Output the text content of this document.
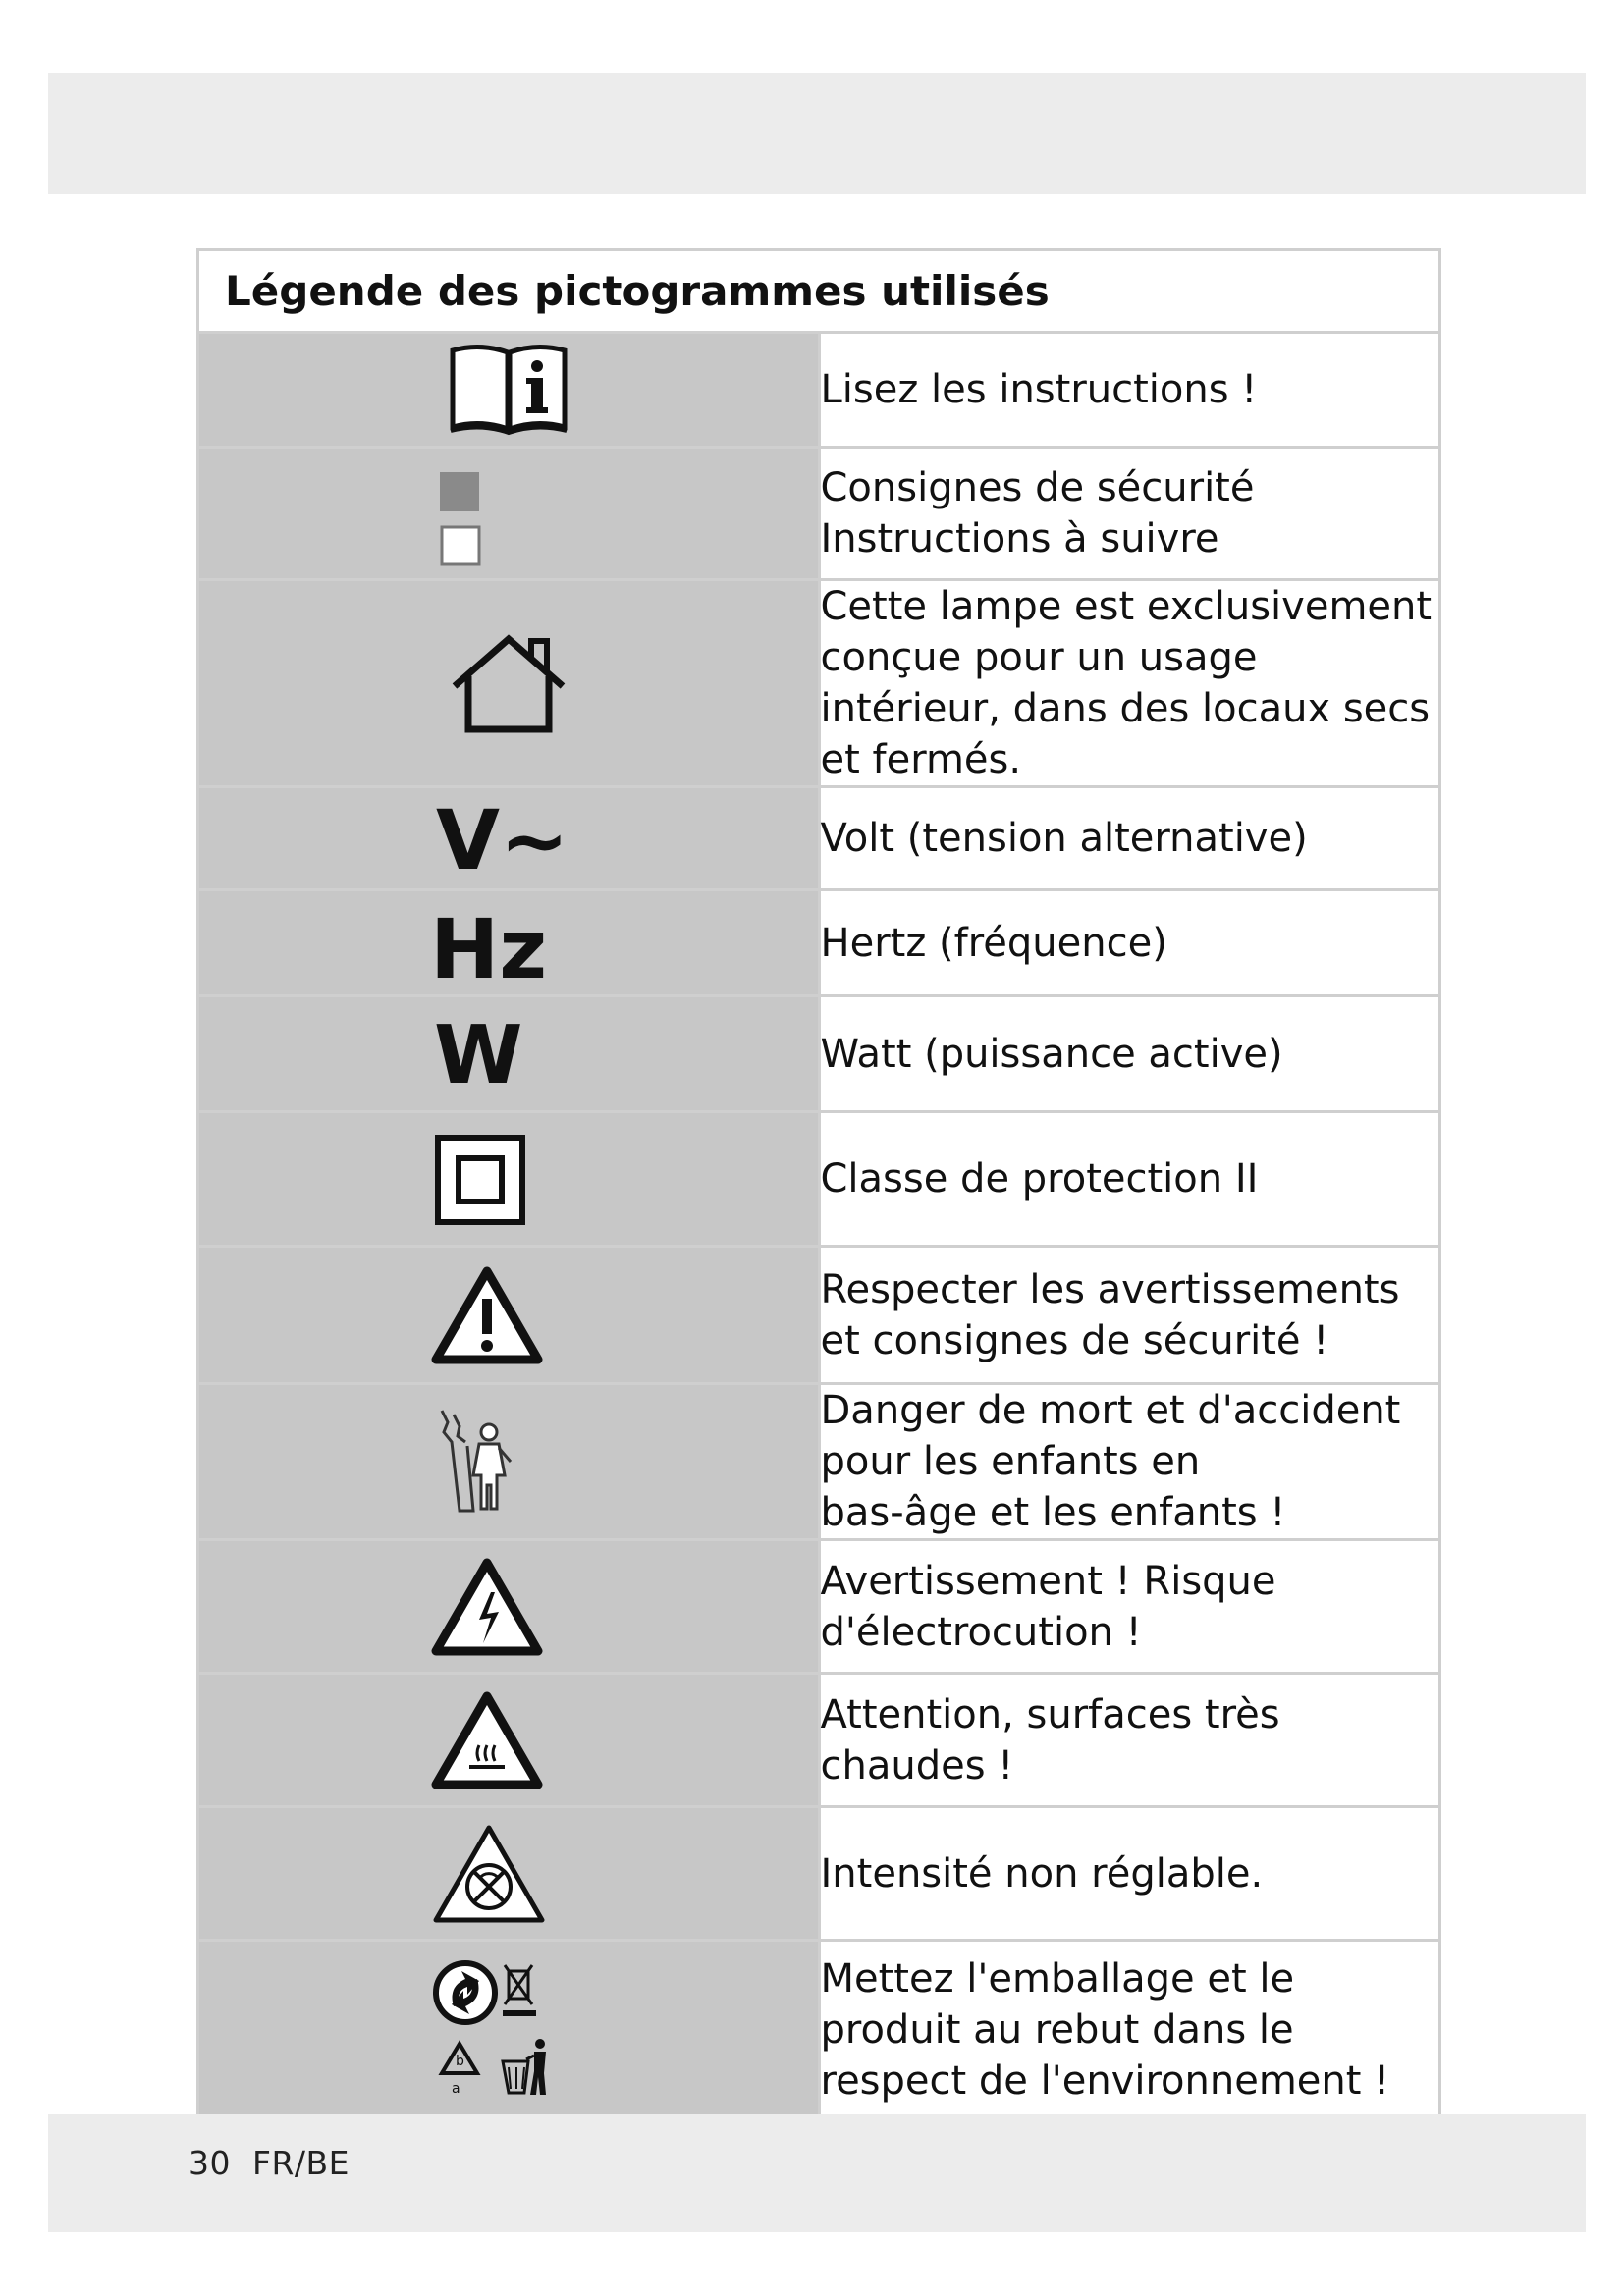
Légende des pictogrammes utilisés	

Lisez les instructions !

Consignes de sécurité
Instructions à suivre

Cette lampe est exclusivement conçue pour un usage
intérieur, dans des locaux secs et fermés.

V~	Volt (tension alternative)

Hz	Hertz (fréquence)

W	Watt (puissance active)

Classe de protection II

Respecter les avertissements et consignes de sécurité !

Danger de mort et d'accident pour les enfants en
bas-âge et les enfants !

Avertissement ! Risque d'électrocution !

Attention, surfaces très chaudes !

Intensité non réglable.

b
a	Mettez l'emballage et le produit au rebut dans le
respect de l'environnement !
30  FR/BE
